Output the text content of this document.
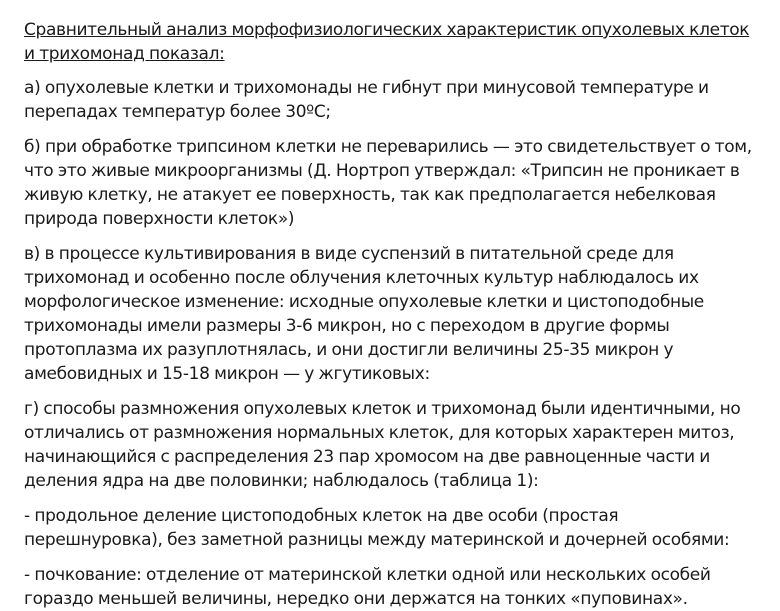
Сравнительный анализ морфофизиологических характеристик опухолевых клеток и трихомонад показал:

а) опухолевые клетки и трихомонады не гибнут при минусовой температуре и перепадах температур более 30ºС;

б) при обработке трипсином клетки не переварились — это свидетельствует о том, что это живые микроорганизмы (Д. Нортроп утверждал: «Трипсин не проникает в живую клетку, не атакует ее поверхность, так как предполагается небелковая природа поверхности клеток»)

в) в процессе культивирования в виде суспензий в питательной среде для трихомонад и особенно после облучения клеточных культур наблюдалось их морфологическое изменение: исходные опухолевые клетки и цистоподобные трихомонады имели размеры 3-6 микрон, но с переходом в другие формы протоплазма их разуплотнялась, и они достигли величины 25-35 микрон у амебовидных и 15-18 микрон — у жгутиковых:

г) способы размножения опухолевых клеток и трихомонад были идентичными, но отличались от размножения нормальных клеток, для которых характерен митоз, начинающийся с распределения 23 пар хромосом на две равноценные части и деления ядра на две половинки; наблюдалось (таблица 1):

- продольное деление цистоподобных клеток на две особи (простая перешнуровка), без заметной разницы между материнской и дочерней особями:

- почкование: отделение от материнской клетки одной или нескольких особей гораздо меньшей величины, нередко они держатся на тонких «пуповинах».
